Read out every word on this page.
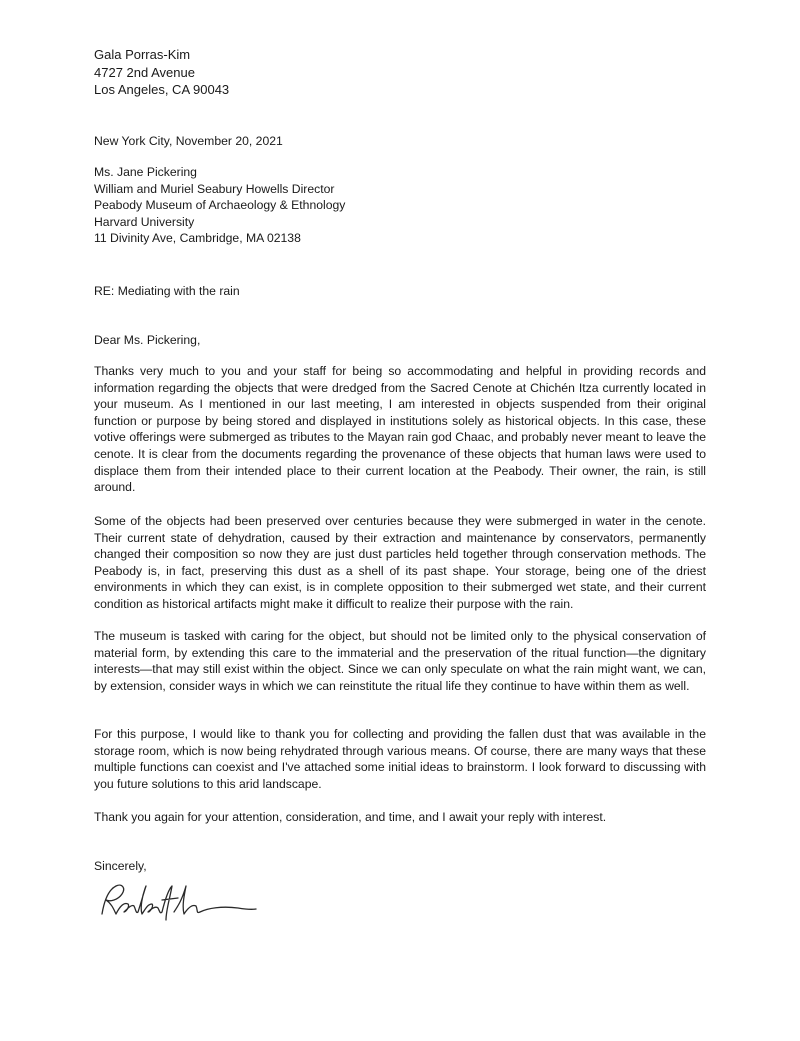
Gala Porras-Kim
4727 2nd Avenue
Los Angeles, CA 90043
New York City, November 20, 2021
Ms. Jane Pickering
William and Muriel Seabury Howells Director
Peabody Museum of Archaeology & Ethnology
Harvard University
11 Divinity Ave, Cambridge, MA 02138
RE: Mediating with the rain
Dear Ms. Pickering,

Thanks very much to you and your staff for being so accommodating and helpful in providing records and information regarding the objects that were dredged from the Sacred Cenote at Chichén Itza currently located in your museum. As I mentioned in our last meeting, I am interested in objects suspended from their original function or purpose by being stored and displayed in institutions solely as historical objects. In this case, these votive offerings were submerged as tributes to the Mayan rain god Chaac, and probably never meant to leave the cenote. It is clear from the documents regarding the provenance of these objects that human laws were used to displace them from their intended place to their current location at the Peabody. Their owner, the rain, is still around.

Some of the objects had been preserved over centuries because they were submerged in water in the cenote. Their current state of dehydration, caused by their extraction and maintenance by conservators, permanently changed their composition so now they are just dust particles held together through conservation methods. The Peabody is, in fact, preserving this dust as a shell of its past shape. Your storage, being one of the driest environments in which they can exist, is in complete opposition to their submerged wet state, and their current condition as historical artifacts might make it difficult to realize their purpose with the rain.

The museum is tasked with caring for the object, but should not be limited only to the physical conservation of material form, by extending this care to the immaterial and the preservation of the ritual function—the dignitary interests—that may still exist within the object. Since we can only speculate on what the rain might want, we can, by extension, consider ways in which we can reinstitute the ritual life they continue to have within them as well.

For this purpose, I would like to thank you for collecting and providing the fallen dust that was available in the storage room, which is now being rehydrated through various means. Of course, there are many ways that these multiple functions can coexist and I've attached some initial ideas to brainstorm. I look forward to discussing with you future solutions to this arid landscape.

Thank you again for your attention, consideration, and time, and I await your reply with interest.

Sincerely,
